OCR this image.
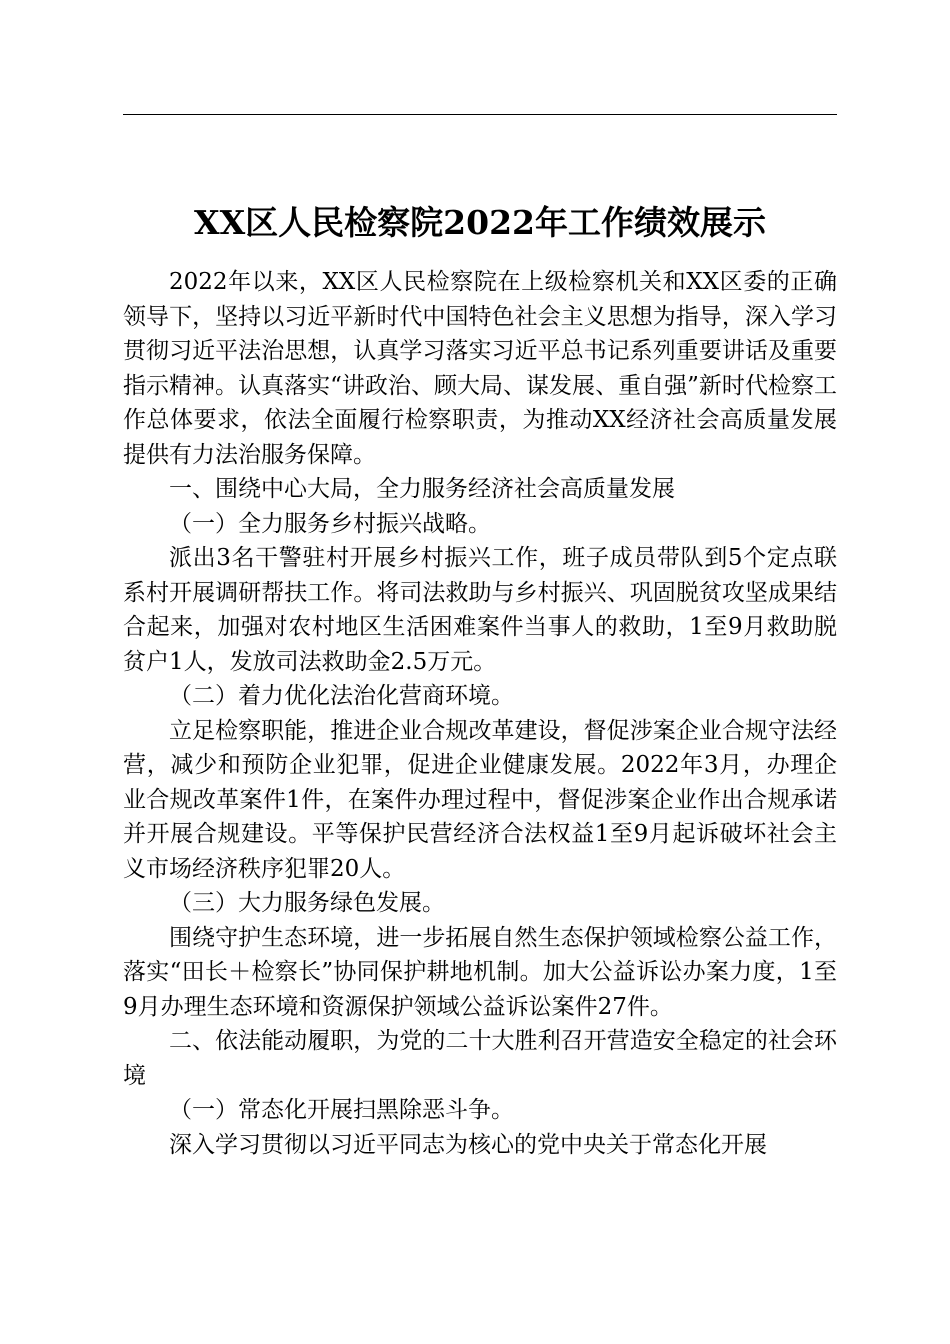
XX区人民检察院2022年工作绩效展示

2022年以来，XX区人民检察院在上级检察机关和XX区委的正确领导下，坚持以习近平新时代中国特色社会主义思想为指导，深入学习贯彻习近平法治思想，认真学习落实习近平总书记系列重要讲话及重要指示精神。认真落实“讲政治、顾大局、谋发展、重自强”新时代检察工作总体要求，依法全面履行检察职责，为推动XX经济社会高质量发展提供有力法治服务保障。

一、围绕中心大局，全力服务经济社会高质量发展

（一）全力服务乡村振兴战略。

派出3名干警驻村开展乡村振兴工作，班子成员带队到5个定点联系村开展调研帮扶工作。将司法救助与乡村振兴、巩固脱贫攻坚成果结合起来，加强对农村地区生活困难案件当事人的救助，1至9月救助脱贫户1人，发放司法救助金2.5万元。

（二）着力优化法治化营商环境。

立足检察职能，推进企业合规改革建设，督促涉案企业合规守法经营，减少和预防企业犯罪，促进企业健康发展。2022年3月，办理企业合规改革案件1件，在案件办理过程中，督促涉案企业作出合规承诺并开展合规建设。平等保护民营经济合法权益1至9月起诉破坏社会主义市场经济秩序犯罪20人。

（三）大力服务绿色发展。

围绕守护生态环境，进一步拓展自然生态保护领域检察公益工作，落实“田长＋检察长”协同保护耕地机制。加大公益诉讼办案力度，1至9月办理生态环境和资源保护领域公益诉讼案件27件。

二、依法能动履职，为党的二十大胜利召开营造安全稳定的社会环境

（一）常态化开展扫黑除恶斗争。

深入学习贯彻以习近平同志为核心的党中央关于常态化开展
